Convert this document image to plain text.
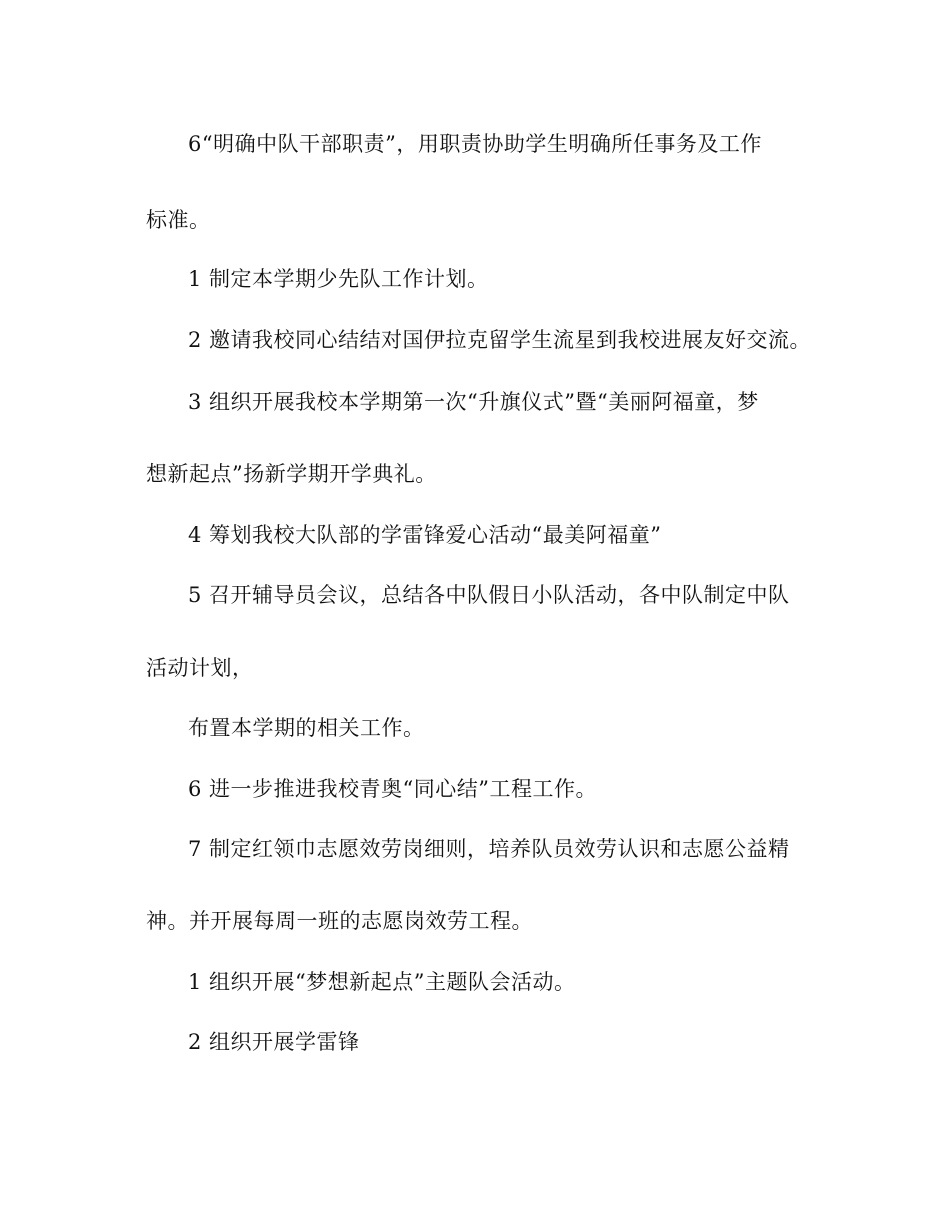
6“明确中队干部职责”，用职责协助学生明确所任事务及工作
标准。
1 制定本学期少先队工作计划。
2 邀请我校同心结结对国伊拉克留学生流星到我校进展友好交流。
3 组织开展我校本学期第一次“升旗仪式”暨“美丽阿福童，梦
想新起点”扬新学期开学典礼。
4 筹划我校大队部的学雷锋爱心活动“最美阿福童”
5 召开辅导员会议，总结各中队假日小队活动，各中队制定中队
活动计划，
布置本学期的相关工作。
6 进一步推进我校青奥“同心结”工程工作。
7 制定红领巾志愿效劳岗细则，培养队员效劳认识和志愿公益精
神。并开展每周一班的志愿岗效劳工程。
1 组织开展“梦想新起点”主题队会活动。
2 组织开展学雷锋
